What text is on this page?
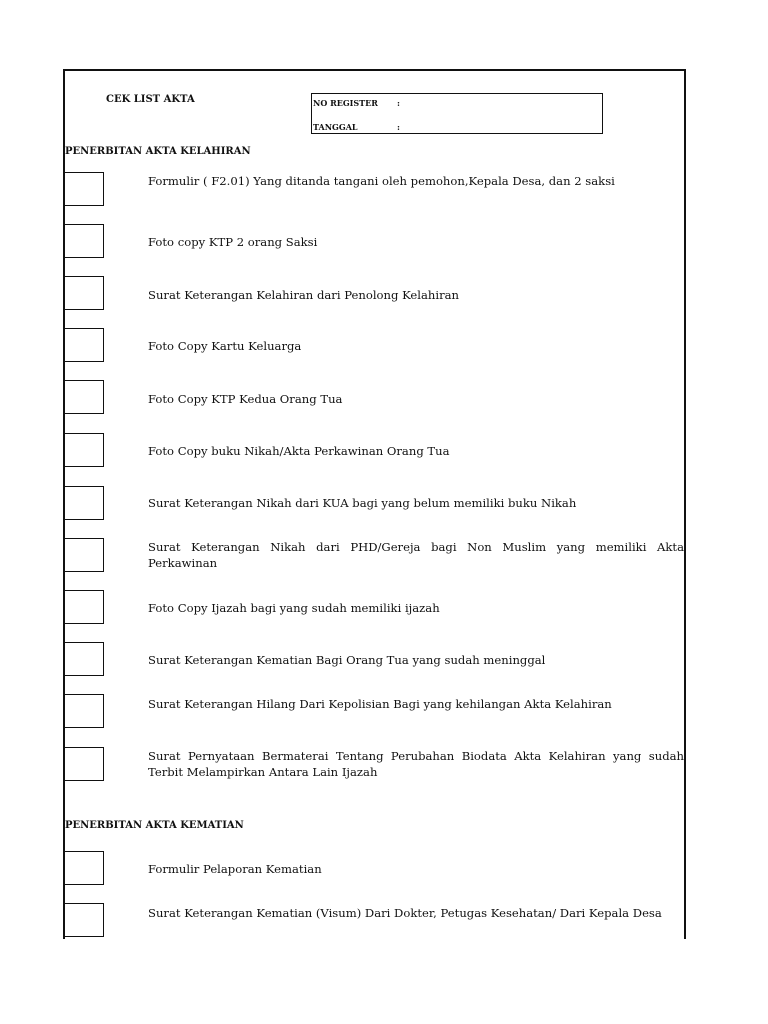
CEK LIST AKTA	NO REGISTER :
TANGGAL	:
PENERBITAN AKTA KELAHIRAN
Formulir ( F2.01) Yang ditanda tangani oleh pemohon,Kepala Desa, dan 2 saksi
Foto copy KTP 2 orang Saksi
Surat Keterangan Kelahiran dari Penolong Kelahiran
Foto Copy Kartu Keluarga
Foto Copy KTP Kedua Orang Tua
Foto Copy buku Nikah/Akta Perkawinan Orang Tua
Surat Keterangan Nikah dari KUA bagi yang belum memiliki buku Nikah
Surat Keterangan Nikah dari PHD/Gereja bagi Non Muslim yang memiliki Akta Perkawinan
Foto Copy Ijazah bagi yang sudah memiliki ijazah
Surat Keterangan Kematian Bagi Orang Tua yang sudah meninggal
Surat Keterangan Hilang Dari Kepolisian Bagi yang kehilangan Akta Kelahiran
Surat Pernyataan Bermaterai Tentang Perubahan Biodata Akta Kelahiran yang sudah Terbit Melampirkan Antara Lain Ijazah
PENERBITAN AKTA KEMATIAN
Formulir Pelaporan Kematian
Surat Keterangan Kematian (Visum) Dari Dokter, Petugas Kesehatan/ Dari Kepala Desa
